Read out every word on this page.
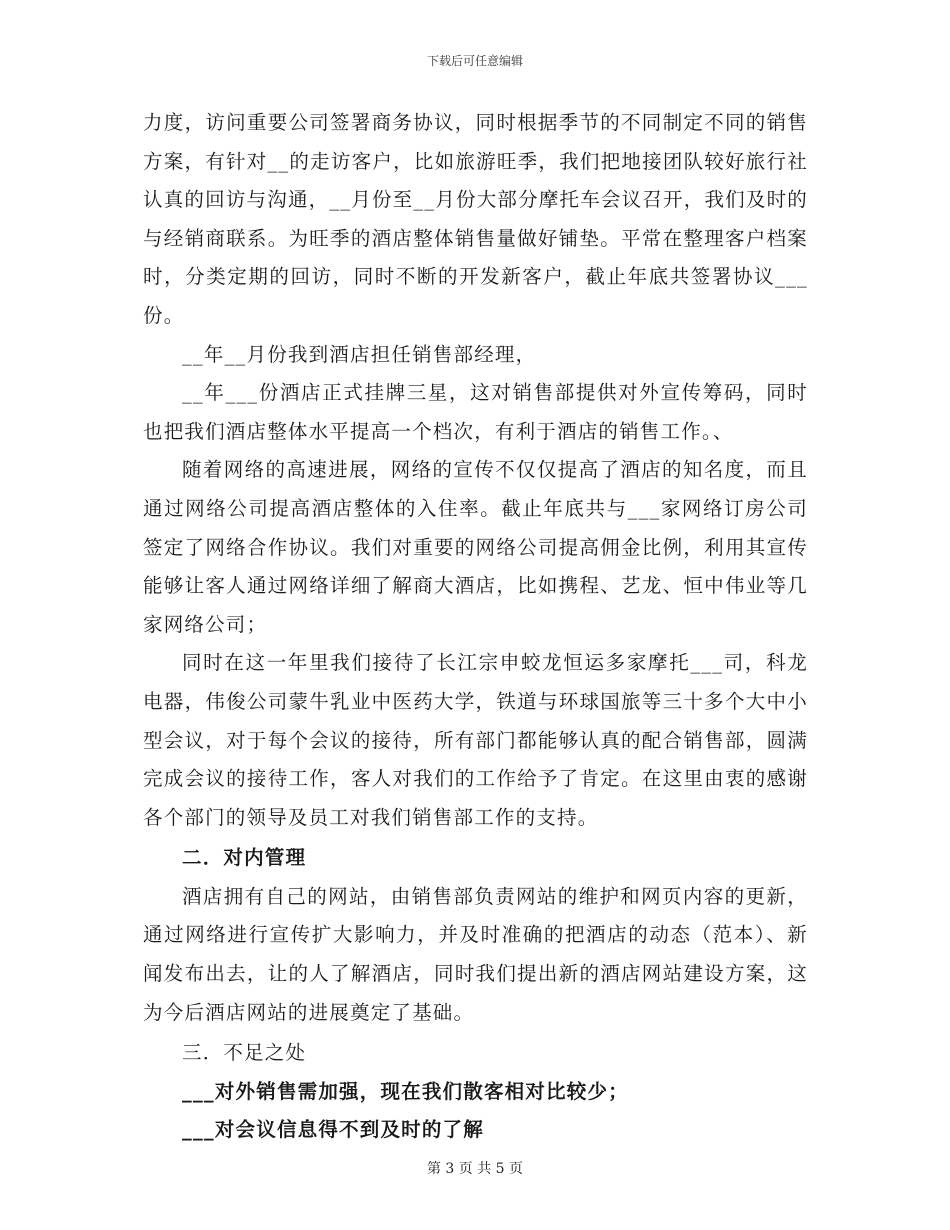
下载后可任意编辑

力度，访问重要公司签署商务协议，同时根据季节的不同制定不同的销售方案，有针对__的走访客户，比如旅游旺季，我们把地接团队较好旅行社认真的回访与沟通，__月份至__月份大部分摩托车会议召开，我们及时的与经销商联系。为旺季的酒店整体销售量做好铺垫。平常在整理客户档案时，分类定期的回访，同时不断的开发新客户，截止年底共签署协议___份。

__年__月份我到酒店担任销售部经理，

__年___份酒店正式挂牌三星，这对销售部提供对外宣传筹码，同时也把我们酒店整体水平提高一个档次，有利于酒店的销售工作。、

随着网络的高速进展，网络的宣传不仅仅提高了酒店的知名度，而且通过网络公司提高酒店整体的入住率。截止年底共与___家网络订房公司签定了网络合作协议。我们对重要的网络公司提高佣金比例，利用其宣传能够让客人通过网络详细了解商大酒店，比如携程、艺龙、恒中伟业等几家网络公司；

同时在这一年里我们接待了长江宗申蛟龙恒运多家摩托___司，科龙电器，伟俊公司蒙牛乳业中医药大学，铁道与环球国旅等三十多个大中小型会议，对于每个会议的接待，所有部门都能够认真的配合销售部，圆满完成会议的接待工作，客人对我们的工作给予了肯定。在这里由衷的感谢各个部门的领导及员工对我们销售部工作的支持。

二．对内管理

酒店拥有自己的网站，由销售部负责网站的维护和网页内容的更新，通过网络进行宣传扩大影响力，并及时准确的把酒店的动态（范本）、新闻发布出去，让的人了解酒店，同时我们提出新的酒店网站建设方案，这为今后酒店网站的进展奠定了基础。

三．不足之处

___对外销售需加强，现在我们散客相对比较少；

___对会议信息得不到及时的了解

第 3 页 共 5 页
